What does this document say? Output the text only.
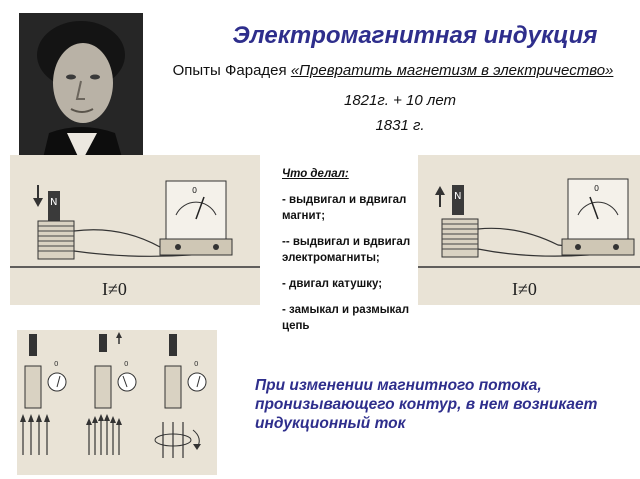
Электромагнитная индукция
Опыты Фарадея «Превратить магнетизм в электричество»
1821г. + 10 лет
1831 г.
N
0
I≠0
N
0
I≠0
0	0	0
Что делал:
- выдвигал и вдвигал магнит;
-- выдвигал и вдвигал электромагниты;
- двигал катушку;
- замыкал и размыкал цепь
При изменении магнитного потока, пронизывающего контур, в нем возникает индукционный ток
